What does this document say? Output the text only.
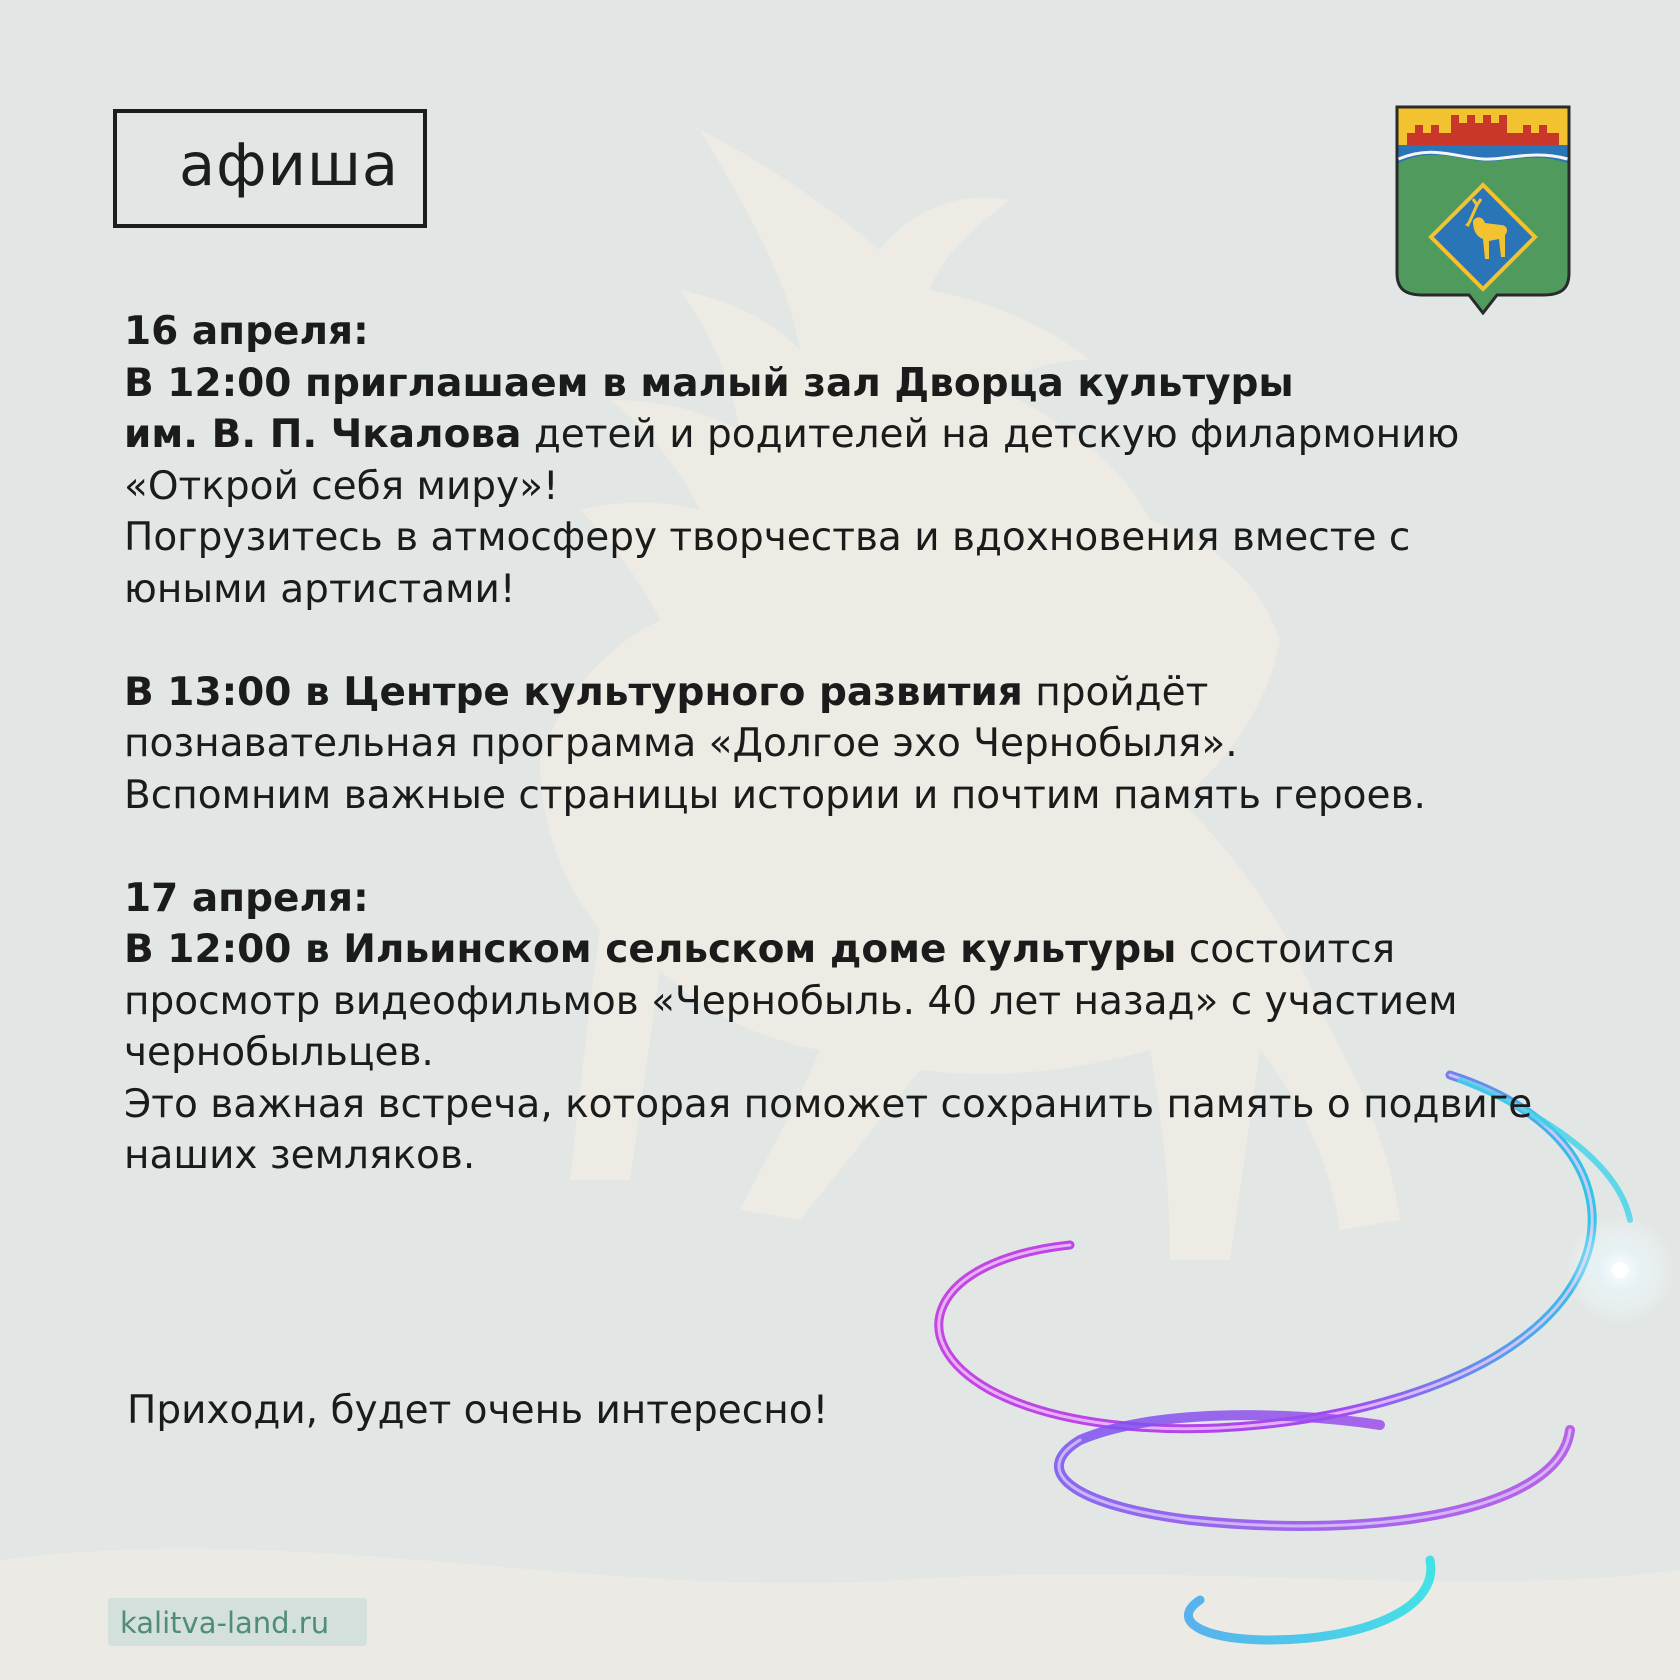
афиша

16 апреля:

В 12:00 приглашаем в малый зал Дворца культуры

им. В. П. Чкалова детей и родителей на детскую филармонию

«Открой себя миру»!

Погрузитесь в атмосферу творчества и вдохновения вместе с

юными артистами!

В 13:00 в Центре культурного развития пройдёт

познавательная программа «Долгое эхо Чернобыля».

Вспомним важные страницы истории и почтим память героев.

17 апреля:

В 12:00 в Ильинском сельском доме культуры состоится

просмотр видеофильмов «Чернобыль. 40 лет назад» с участием

чернобыльцев.

Это важная встреча, которая поможет сохранить память о подвиге

наших земляков.

Приходи, будет очень интересно!
kalitva-land.ru
